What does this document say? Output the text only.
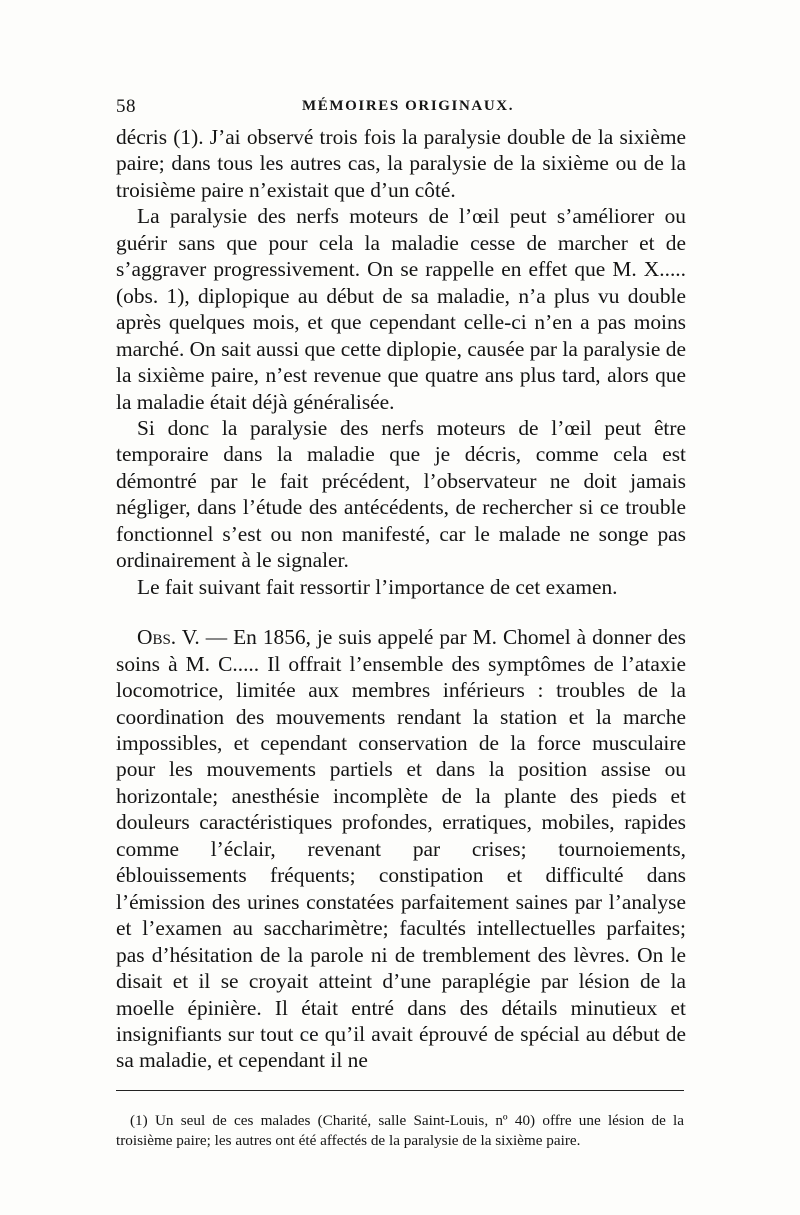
58	MÉMOIRES ORIGINAUX.

décris (1). J’ai observé trois fois la paralysie double de la sixième paire; dans tous les autres cas, la paralysie de la sixième ou de la troisième paire n’existait que d’un côté.

La paralysie des nerfs moteurs de l’œil peut s’améliorer ou guérir sans que pour cela la maladie cesse de marcher et de s’aggraver progressivement. On se rappelle en effet que M. X..... (obs. 1), diplopique au début de sa maladie, n’a plus vu double après quelques mois, et que cependant celle-ci n’en a pas moins marché. On sait aussi que cette diplopie, causée par la paralysie de la sixième paire, n’est revenue que quatre ans plus tard, alors que la maladie était déjà généralisée.

Si donc la paralysie des nerfs moteurs de l’œil peut être temporaire dans la maladie que je décris, comme cela est démontré par le fait précédent, l’observateur ne doit jamais négliger, dans l’étude des antécédents, de rechercher si ce trouble fonctionnel s’est ou non manifesté, car le malade ne songe pas ordinairement à le signaler.

Le fait suivant fait ressortir l’importance de cet examen.

Obs. V. — En 1856, je suis appelé par M. Chomel à donner des soins à M. C..... Il offrait l’ensemble des symptômes de l’ataxie locomotrice, limitée aux membres inférieurs : troubles de la coordination des mouvements rendant la station et la marche impossibles, et cependant conservation de la force musculaire pour les mouvements partiels et dans la position assise ou horizontale; anesthésie incomplète de la plante des pieds et douleurs caractéristiques profondes, erratiques, mobiles, rapides comme l’éclair, revenant par crises; tournoiements, éblouissements fréquents; constipation et difficulté dans l’émission des urines constatées parfaitement saines par l’analyse et l’examen au saccharimètre; facultés intellectuelles parfaites; pas d’hésitation de la parole ni de tremblement des lèvres. On le disait et il se croyait atteint d’une paraplégie par lésion de la moelle épinière. Il était entré dans des détails minutieux et insignifiants sur tout ce qu’il avait éprouvé de spécial au début de sa maladie, et cependant il ne

(1) Un seul de ces malades (Charité, salle Saint-Louis, nº 40) offre une lésion de la troisième paire; les autres ont été affectés de la paralysie de la sixième paire.
